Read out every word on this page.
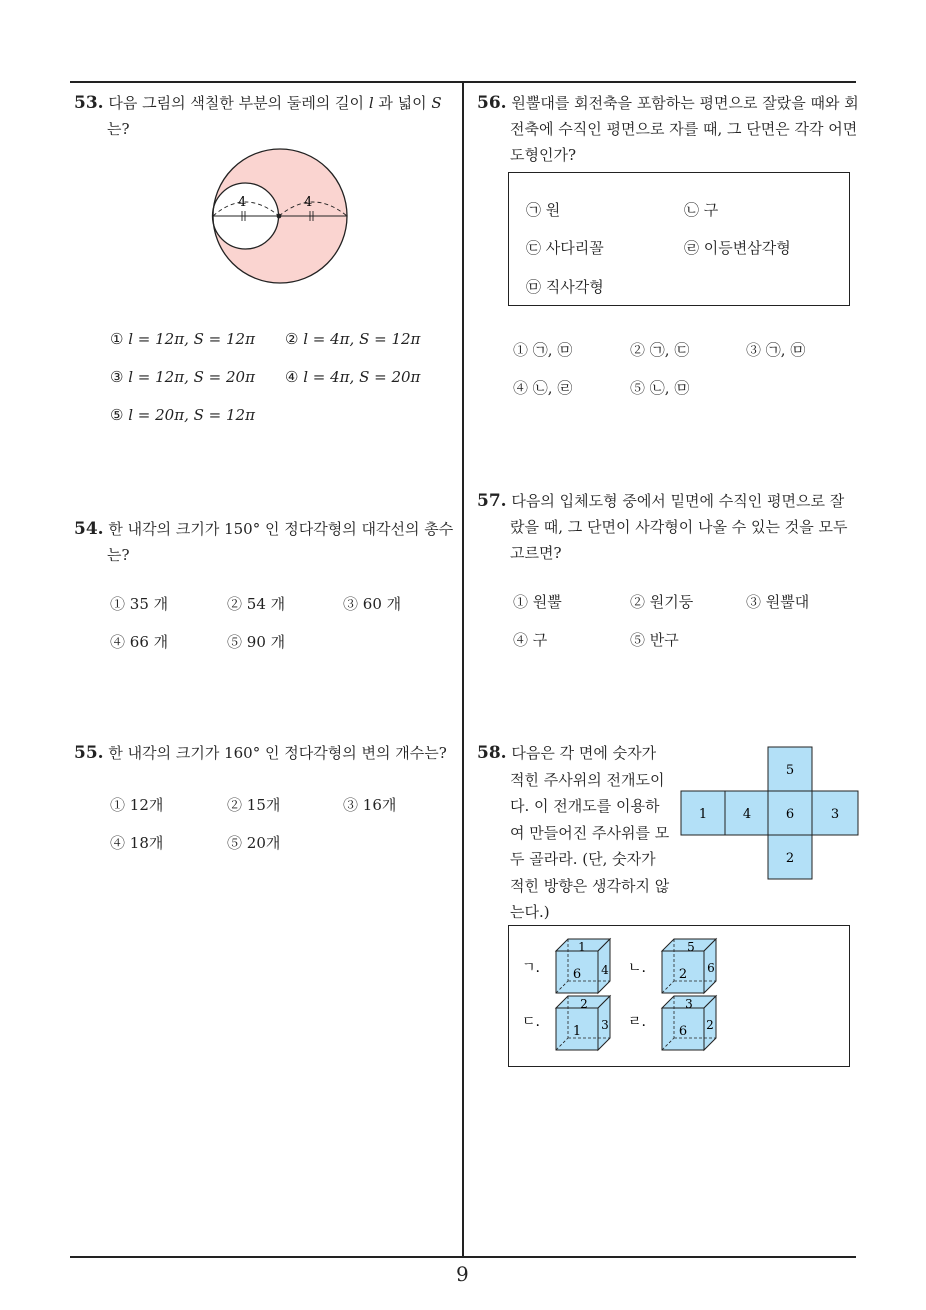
9
53. 다음 그림의 색칠한 부분의 둘레의 길이 l 과 넓이 S
는?
4	4
① l = 12π, S = 12π ② l = 4π, S = 12π
③ l = 12π, S = 20π ④ l = 4π, S = 20π
⑤ l = 20π, S = 12π
54. 한 내각의 크기가 150° 인 정다각형의 대각선의 총수
는?
① 35 개	② 54 개	③ 60 개
④ 66 개	⑤ 90 개
55. 한 내각의 크기가 160° 인 정다각형의 변의 개수는?
① 12개	② 15개	③ 16개
④ 18개	⑤ 20개
56. 원뿔대를 회전축을 포함하는 평면으로 잘랐을 때와 회
전축에 수직인 평면으로 자를 때, 그 단면은 각각 어면
도형인가?
㉠ 원	㉡ 구
㉢ 사다리꼴	㉣ 이등변삼각형
㉤ 직사각형
① ㉠, ㉤	② ㉠, ㉢	③ ㉠, ㉤
④ ㉡, ㉣	⑤ ㉡, ㉤
57. 다음의 입체도형 중에서 밑면에 수직인 평면으로 잘
랐을 때, 그 단면이 사각형이 나올 수 있는 것을 모두
고르면?
① 원뿔	② 원기둥	③ 원뿔대
④ 구	⑤ 반구
58. 다음은 각 면에 숫자가
적힌 주사위의 전개도이
다. 이 전개도를 이용하
여 만들어진 주사위를 모
두 골라라. (단, 숫자가
적힌 방향은 생각하지 않
는다.)
5
1	4	6	3
2
ㄱ.
1
6 4 ㄴ.
5
2 6
ㄷ.
2
1 3 ㄹ.
3
6 2
